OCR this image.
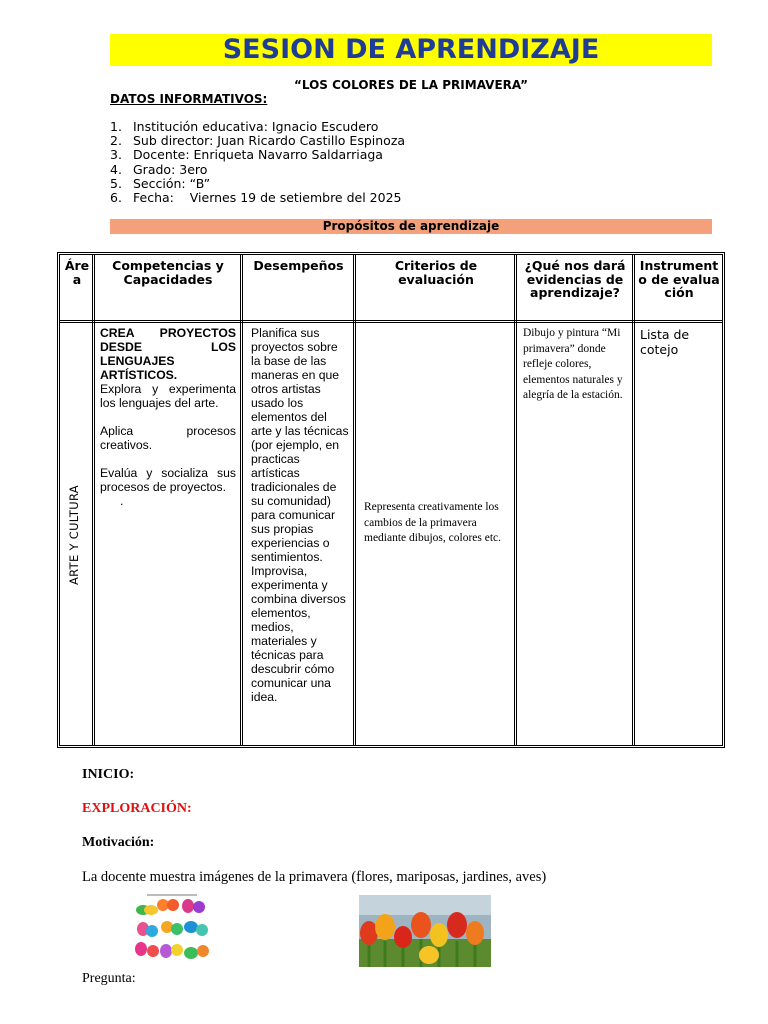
SESION DE APRENDIZAJE
“LOS COLORES DE LA PRIMAVERA”
DATOS INFORMATIVOS:
1. Institución educativa: Ignacio Escudero
2. Sub director: Juan Ricardo Castillo Espinoza
3. Docente: Enriqueta Navarro Saldarriaga
4. Grado: 3ero
5. Sección: “B”
6. Fecha:    Viernes 19 de setiembre del 2025
Propósitos de aprendizaje
Área
Competencias y Capacidades
Desempeños	Criterios de evaluación
¿Qué nos dará evidencias de aprendizaje?
Instrumento de evaluación
ARTE Y CULTURA
CREA PROYECTOS DESDE LOS LENGUAJES ARTÍSTICOS.
Explora y experimenta los lenguajes del arte.
Aplica procesos creativos.
Evalúa y socializa sus procesos de proyectos.
.
Planifica sus proyectos sobre la base de las maneras en que otros artistas usado los elementos del arte y las técnicas (por ejemplo, en practicas artísticas tradicionales de su comunidad) para comunicar sus propias experiencias o sentimientos. Improvisa, experimenta y combina diversos elementos, medios, materiales y técnicas para descubrir cómo comunicar una idea.
Representa creativamente los cambios de la primavera mediante dibujos, colores etc.
Dibujo y pintura “Mi primavera” donde refleje colores, elementos naturales y alegría de la estación.
Lista de cotejo
INICIO:
EXPLORACIÓN:
Motivación:
La docente muestra imágenes de la primavera (flores, mariposas, jardines, aves)
Pregunta:
